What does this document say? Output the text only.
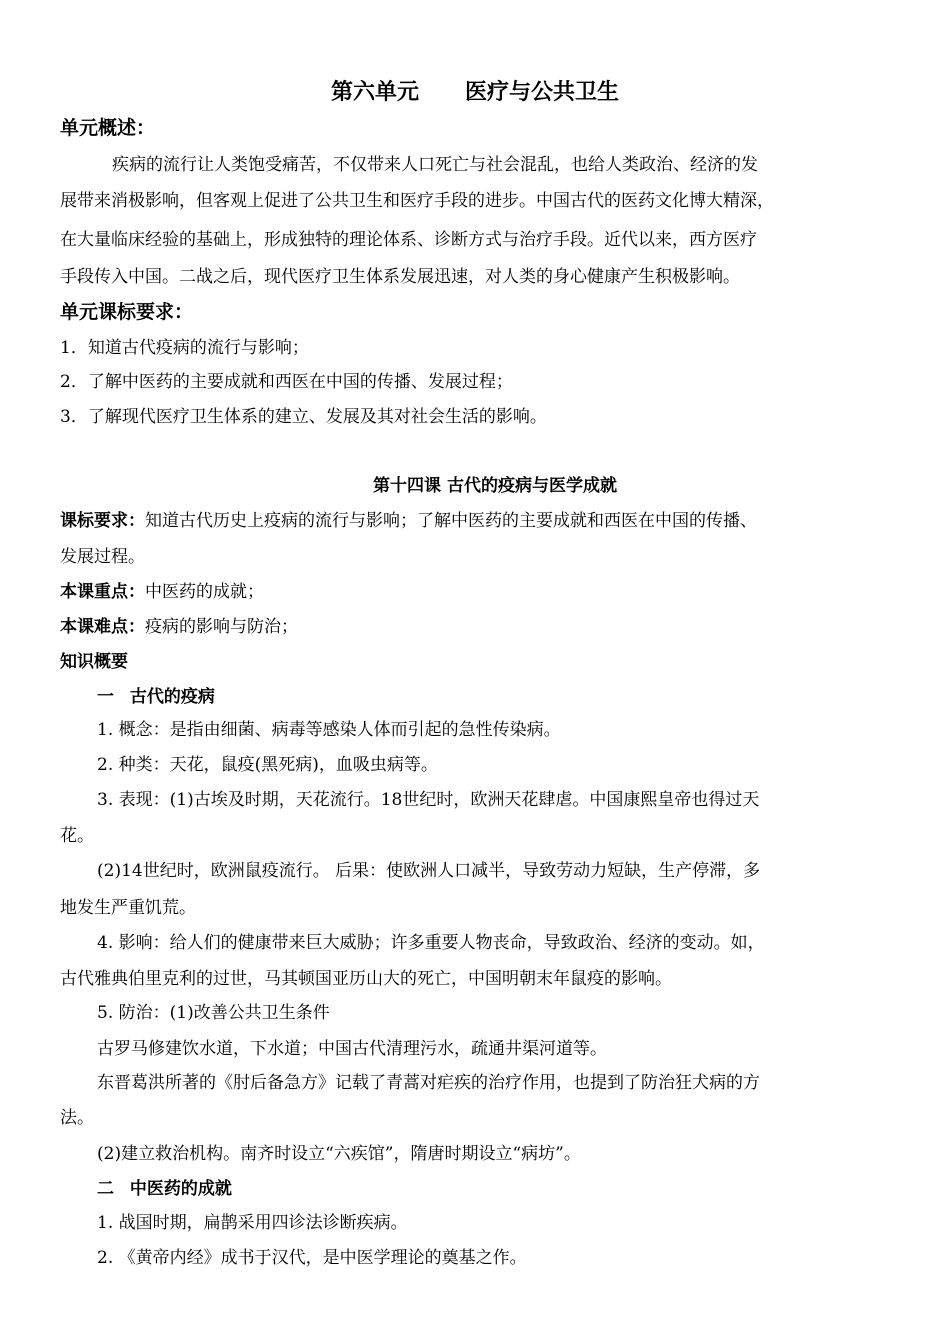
第六单元 医疗与公共卫生
单元概述：
疾病的流行让人类饱受痛苦，不仅带来人口死亡与社会混乱，也给人类政治、经济的发
展带来消极影响，但客观上促进了公共卫生和医疗手段的进步。中国古代的医药文化博大精深，
在大量临床经验的基础上，形成独特的理论体系、诊断方式与治疗手段。近代以来，西方医疗
手段传入中国。二战之后，现代医疗卫生体系发展迅速，对人类的身心健康产生积极影响。
单元课标要求：
1．知道古代疫病的流行与影响；
2．了解中医药的主要成就和西医在中国的传播、发展过程；
3．了解现代医疗卫生体系的建立、发展及其对社会生活的影响。
第十四课 古代的疫病与医学成就
课标要求：知道古代历史上疫病的流行与影响；了解中医药的主要成就和西医在中国的传播、
发展过程。
本课重点：中医药的成就；
本课难点：疫病的影响与防治；
知识概要
一 古代的疫病
1. 概念：是指由细菌、病毒等感染人体而引起的急性传染病。
2. 种类：天花，鼠疫(黑死病)，血吸虫病等。
3. 表现：(1)古埃及时期，天花流行。18世纪时，欧洲天花肆虐。中国康熙皇帝也得过天
花。
(2)14世纪时，欧洲鼠疫流行。 后果：使欧洲人口减半，导致劳动力短缺，生产停滞，多
地发生严重饥荒。
4. 影响：给人们的健康带来巨大威胁；许多重要人物丧命，导致政治、经济的变动。如，
古代雅典伯里克利的过世，马其顿国亚历山大的死亡，中国明朝末年鼠疫的影响。
5. 防治：(1)改善公共卫生条件
古罗马修建饮水道，下水道；中国古代清理污水，疏通井渠河道等。
东晋葛洪所著的《肘后备急方》记载了青蒿对疟疾的治疗作用，也提到了防治狂犬病的方
法。
(2)建立救治机构。南齐时设立“六疾馆”，隋唐时期设立“病坊”。
二 中医药的成就
1. 战国时期，扁鹊采用四诊法诊断疾病。
2. 《黄帝内经》成书于汉代，是中医学理论的奠基之作。
